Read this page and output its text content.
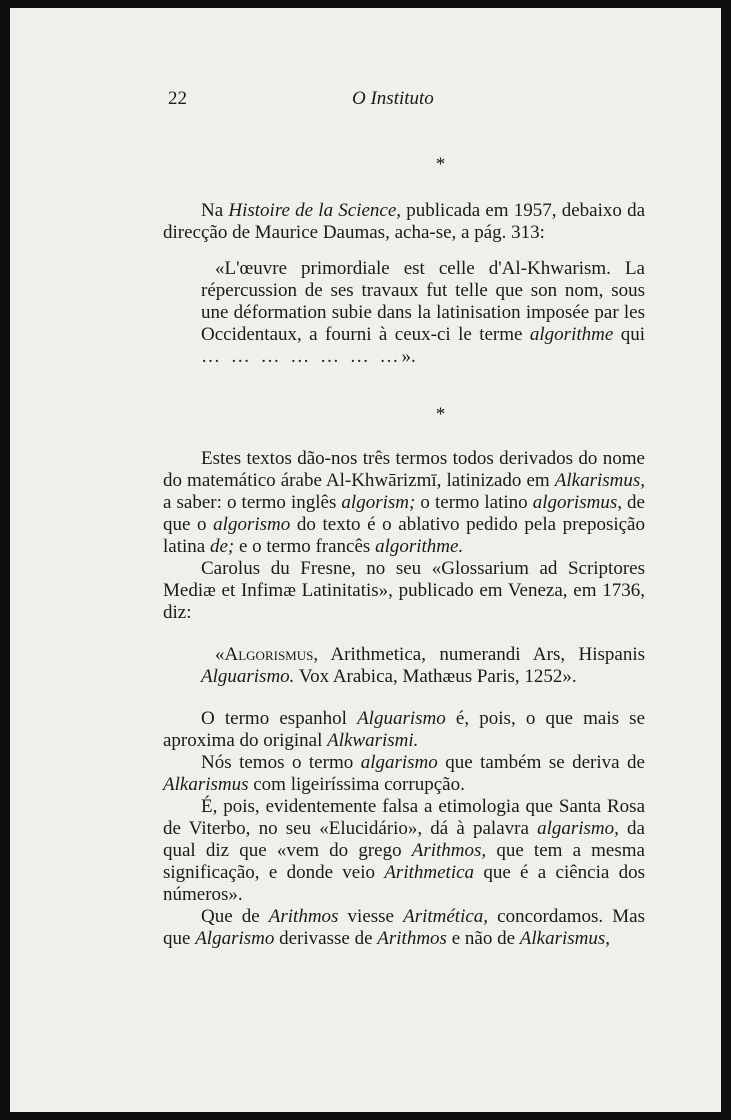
22	O Instituto
*

Na Histoire de la Science, publicada em 1957, debaixo da direcção de Maurice Daumas, acha-se, a pág. 313:

«L'œuvre primordiale est celle d'Al-Khwarism. La répercussion de ses travaux fut telle que son nom, sous une déformation subie dans la latinisation imposée par les Occidentaux, a fourni à ceux-ci le terme algorithme qui … … … … … … …».

*

Estes textos dão-nos três termos todos derivados do nome do matemático árabe Al-Khwārizmī, latinizado em Alkarismus, a saber: o termo inglês algorism; o termo latino algorismus, de que o algorismo do texto é o ablativo pedido pela preposição latina de; e o termo francês algorithme.

Carolus du Fresne, no seu «Glossarium ad Scriptores Mediæ et Infimæ Latinitatis», publicado em Veneza, em 1736, diz:

«Algorismus, Arithmetica, numerandi Ars, Hispanis Alguarismo. Vox Arabica, Mathæus Paris, 1252».

O termo espanhol Alguarismo é, pois, o que mais se aproxima do original Alkwarismi.

Nós temos o termo algarismo que também se deriva de Alkarismus com ligeiríssima corrupção.

É, pois, evidentemente falsa a etimologia que Santa Rosa de Viterbo, no seu «Elucidário», dá à palavra algarismo, da qual diz que «vem do grego Arithmos, que tem a mesma significação, e donde veio Arithmetica que é a ciência dos números».

Que de Arithmos viesse Aritmética, concordamos. Mas que Algarismo derivasse de Arithmos e não de Alkarismus,
